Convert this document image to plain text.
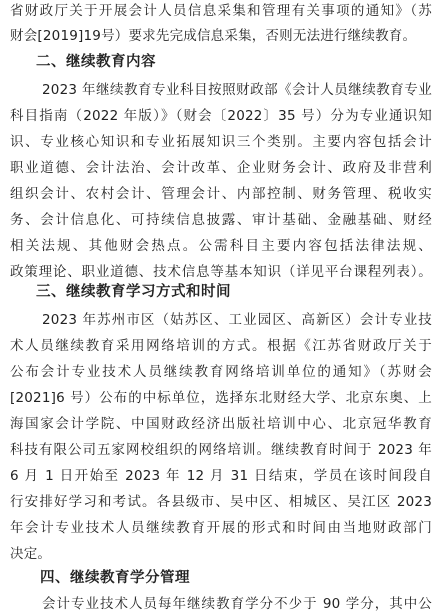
省财政厅关于开展会计人员信息采集和管理有关事项的通知》（苏
财会[2019]19号）要求先完成信息采集，否则无法进行继续教育。
二、继续教育内容
2023 年继续教育专业科目按照财政部《会计人员继续教育专业
科目指南（2022 年版）》（财会〔2022〕35 号）分为专业通识知
识、专业核心知识和专业拓展知识三个类别。主要内容包括会计
职业道德、会计法治、会计改革、企业财务会计、政府及非营利
组织会计、农村会计、管理会计、内部控制、财务管理、税收实
务、会计信息化、可持续信息披露、审计基础、金融基础、财经
相关法规、其他财会热点。公需科目主要内容包括法律法规、
政策理论、职业道德、技术信息等基本知识（详见平台课程列表）。
三、继续教育学习方式和时间
2023 年苏州市区（姑苏区、工业园区、高新区）会计专业技
术人员继续教育采用网络培训的方式。根据《江苏省财政厅关于
公布会计专业技术人员继续教育网络培训单位的通知》（苏财会
[2021]6 号）公布的中标单位，选择东北财经大学、北京东奥、上
海国家会计学院、中国财政经济出版社培训中心、北京冠华教育
科技有限公司五家网校组织的网络培训。继续教育时间于 2023 年
6 月 1 日开始至 2023 年 12 月 31 日结束，学员在该时间段自
行安排好学习和考试。各县级市、吴中区、相城区、吴江区 2023
年会计专业技术人员继续教育开展的形式和时间由当地财政部门
决定。
四、继续教育学分管理
会计专业技术人员每年继续教育学分不少于 90 学分，其中公
